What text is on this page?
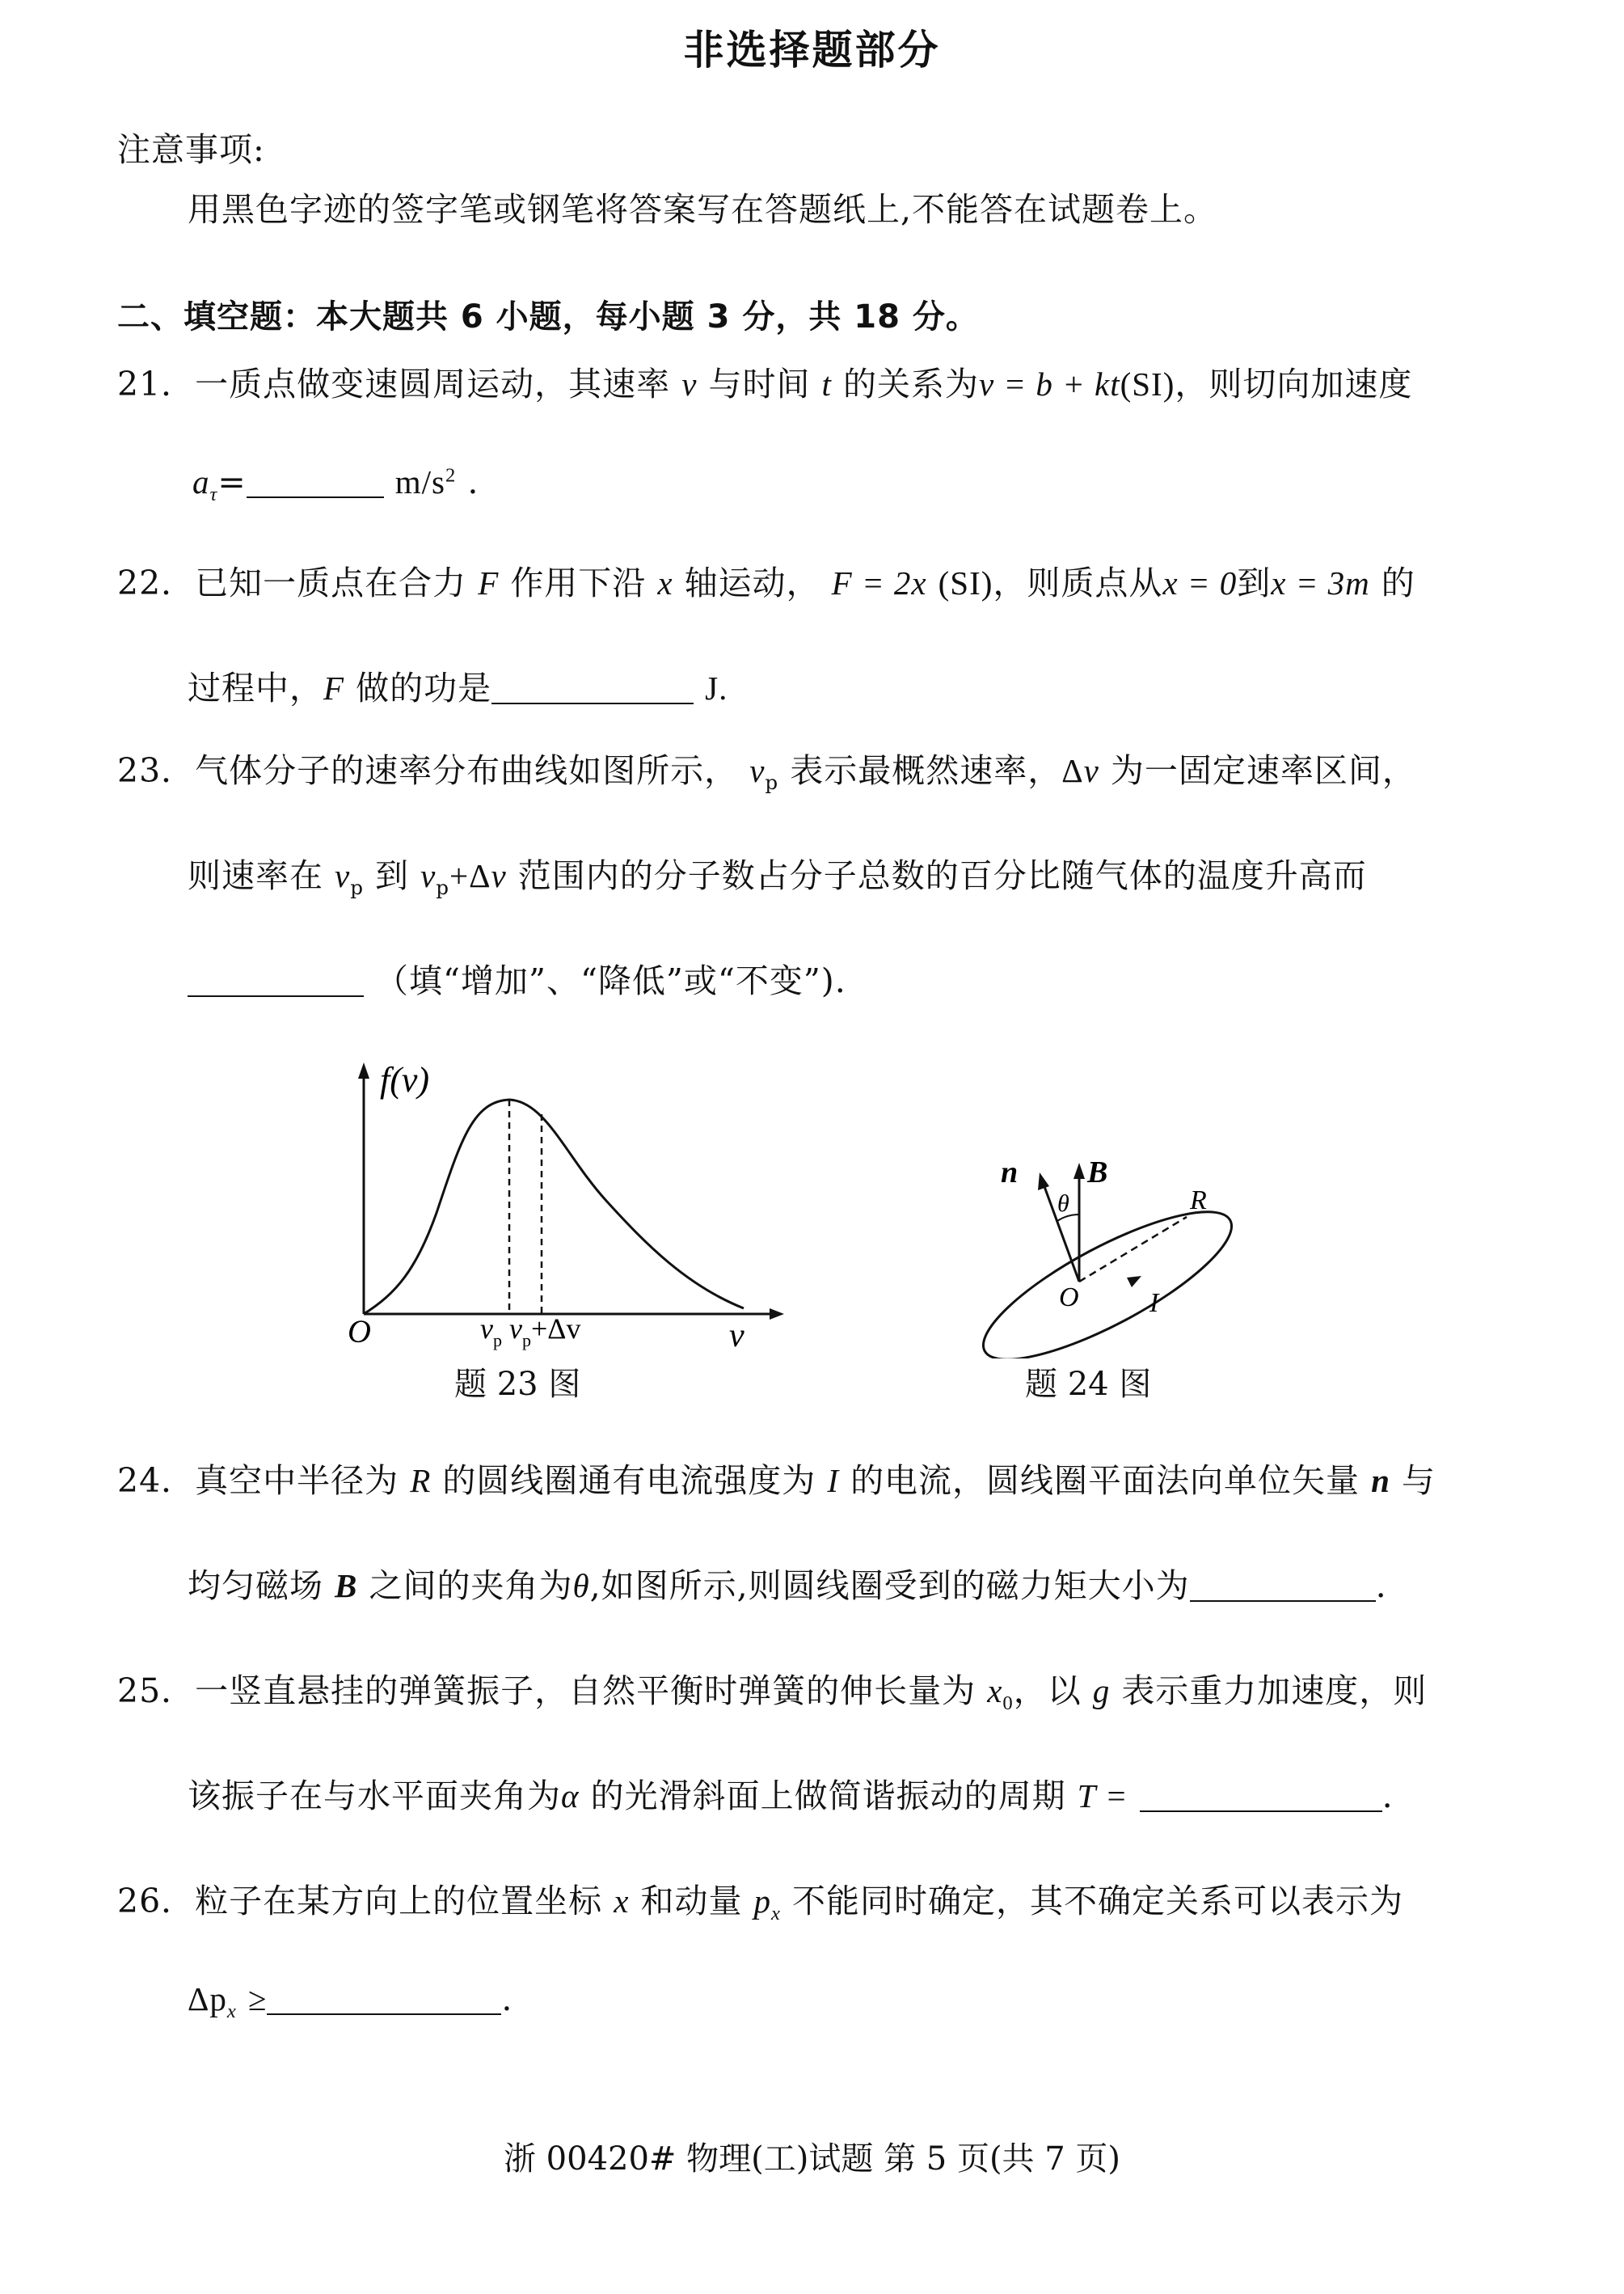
非选择题部分
注意事项:
用黑色字迹的签字笔或钢笔将答案写在答题纸上,不能答在试题卷上。
二、填空题：本大题共 6 小题，每小题 3 分，共 18 分。
21．一质点做变速圆周运动，其速率 v 与时间 t 的关系为v = b + kt(SI)，则切向加速度
$a_\tau=$	$m/s^2$ .
22．已知一质点在合力 F 作用下沿 x 轴运动， F = 2x (SI)，则质点从x = 0到x = 3m 的
过程中，F 做的功是	J.
23．气体分子的速率分布曲线如图所示， $v_p$ 表示最概然速率，Δv 为一固定速率区间，
则速率在 $v_p$ 到 $v_p+\Delta v$ 范围内的分子数占分子总数的百分比随气体的温度升高而
（填“增加”、“降低”或“不变”).
f(v)
O	v
$v_p$ $v_p+\Delta v$
题 23 图
n B
θ	R
O	I
题 24 图
24．真空中半径为 R 的圆线圈通有电流强度为 I 的电流，圆线圈平面法向单位矢量 n 与
均匀磁场 B 之间的夹角为θ,如图所示,则圆线圈受到的磁力矩大小为	.
25．一竖直悬挂的弹簧振子，自然平衡时弹簧的伸长量为 $x_0$，以 g 表示重力加速度，则
该振子在与水平面夹角为α 的光滑斜面上做简谐振动的周期 T =	.
26．粒子在某方向上的位置坐标 x 和动量 $p_x$ 不能同时确定，其不确定关系可以表示为
$\Delta p_x$ ≥	.
浙 00420# 物理(工)试题 第 5 页(共 7 页)
